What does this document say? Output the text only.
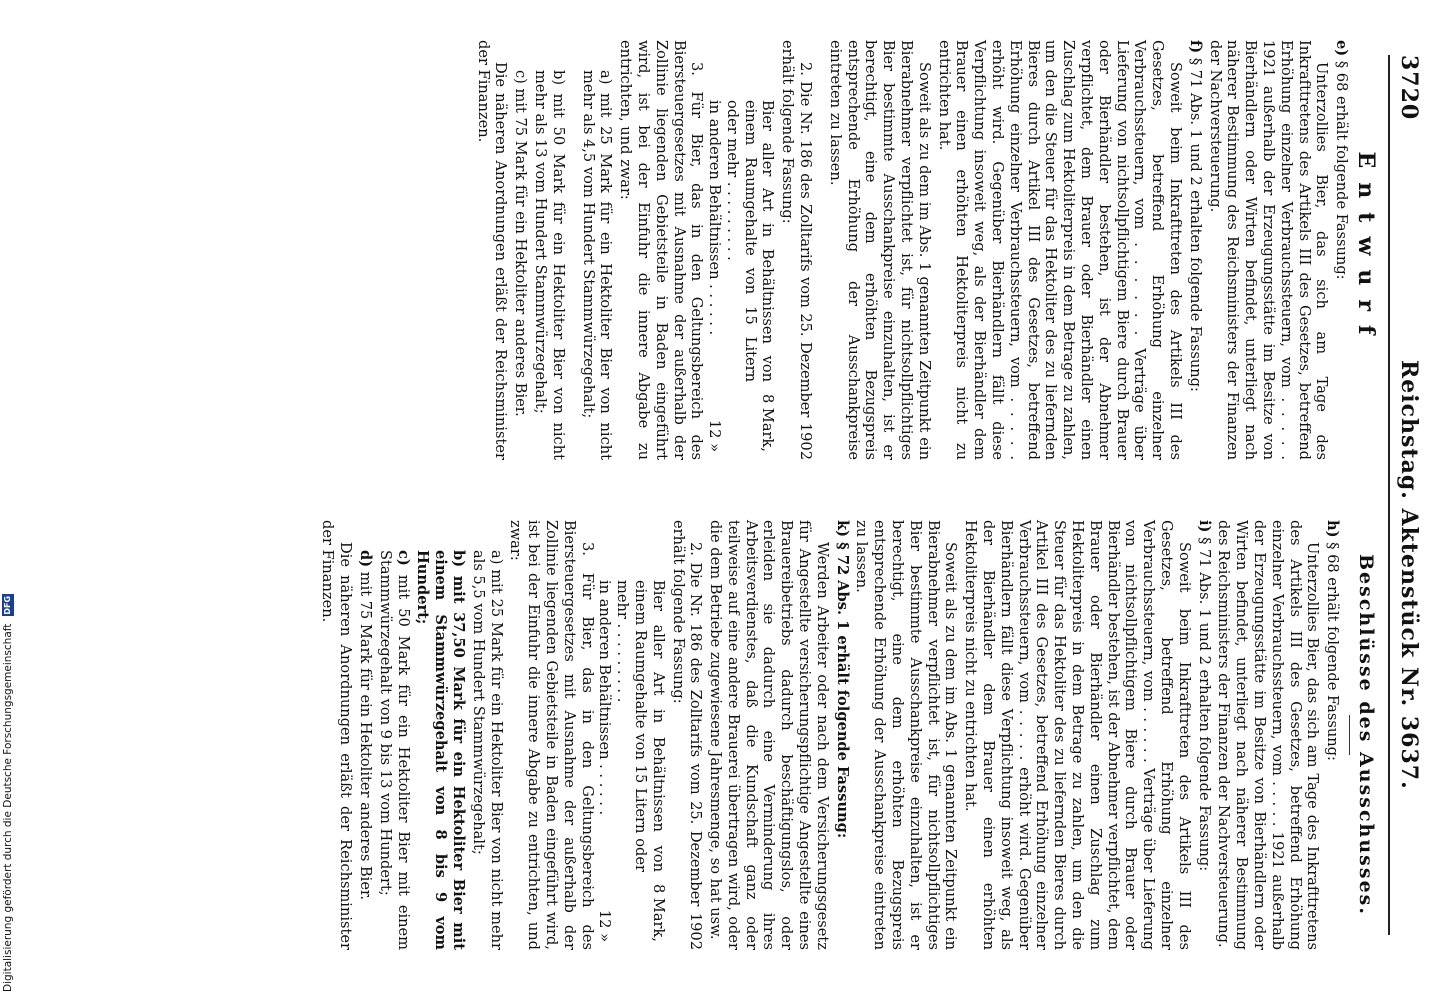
3720
Reichstag. Aktenstück Nr. 3637.
Entwurf

e) § 68 erhält folgende Fassung:

Unterzollies Bier, das sich am Tage des Inkrafttretens des Artikels III des Gesetzes, betreffend Erhöhung einzelner Verbrauchssteuern, vom . . . . . 1921 außerhalb der Erzeugungsstätte im Besitze von Bierhändlern oder Wirten befindet, unterliegt nach näherer Bestimmung des Reichsministers der Finanzen der Nachversteuerung.

f) § 71 Abs. 1 und 2 erhalten folgende Fassung:

Soweit beim Inkrafttreten des Artikels III des Gesetzes, betreffend Erhöhung einzelner Verbrauchssteuern, vom . . . . . . Verträge über Lieferung von nichtsollpflichtigem Biere durch Brauer oder Bierhändler bestehen, ist der Abnehmer verpflichtet, dem Brauer oder Bierhändler einen Zuschlag zum Hektoliterpreis in dem Betrage zu zahlen, um den die Steuer für das Hektoliter des zu liefernden Bieres durch Artikel III des Gesetzes, betreffend Erhöhung einzelner Verbrauchssteuern, vom . . . . . erhöht wird. Gegenüber Bierhändlern fällt diese Verpflichtung insoweit weg, als der Bierhändler dem Brauer einen erhöhten Hektoliterpreis nicht zu entrichten hat.

Soweit als zu dem im Abs. 1 genannten Zeitpunkt ein Bierabnehmer verpflichtet ist, für nichtsollpflichtiges Bier bestimmte Ausschankpreise einzuhalten, ist er berechtigt, eine dem erhöhten Bezugspreis entsprechende Erhöhung der Ausschankpreise eintreten zu lassen.

2. Die Nr. 186 des Zolltarifs vom 25. Dezember 1902 erhält folgende Fassung:

Bier aller Art in Behältnissen von einem Raumgehalte von 15 Litern oder mehr . . . . . . . . .
8 Mark,
in anderen Behältnissen . . . . . .
12 »

3. Für Bier, das in den Geltungsbereich des Biersteuergesetzes mit Ausnahme der außerhalb der Zollinie liegenden Gebietsteile in Baden eingeführt wird, ist bei der Einfuhr die innere Abgabe zu entrichten, und zwar:

a) mit 25 Mark für ein Hektoliter Bier von nicht mehr als 4,5 vom Hundert Stammwürzegehalt;

b) mit 50 Mark für ein Hektoliter Bier von nicht mehr als 13 vom Hundert Stammwürzegehalt;

c) mit 75 Mark für ein Hektoliter anderes Bier.

Die näheren Anordnungen erläßt der Reichsminister der Finanzen.

Beschlüsse des Ausschusses.

h) § 68 erhält folgende Fassung:

Unterzollies Bier, das sich am Tage des Inkrafttretens des Artikels III des Gesetzes, betreffend Erhöhung einzelner Verbrauchssteuern, vom . . . . . 1921 außerhalb der Erzeugungsstätte im Besitze von Bierhändlern oder Wirten befindet, unterliegt nach näherer Bestimmung des Reichsministers der Finanzen der Nachversteuerung.

i) § 71 Abs. 1 und 2 erhalten folgende Fassung:

Soweit beim Inkrafttreten des Artikels III des Gesetzes, betreffend Erhöhung einzelner Verbrauchssteuern, vom . . . . . . Verträge über Lieferung von nichtsollpflichtigem Biere durch Brauer oder Bierhändler bestehen, ist der Abnehmer verpflichtet, dem Brauer oder Bierhändler einen Zuschlag zum Hektoliterpreis in dem Betrage zu zahlen, um den die Steuer für das Hektoliter des zu liefernden Bieres durch Artikel III des Gesetzes, betreffend Erhöhung einzelner Verbrauchssteuern, vom . . . . . erhöht wird. Gegenüber Bierhändlern fällt diese Verpflichtung insoweit weg, als der Bierhändler dem Brauer einen erhöhten Hektoliterpreis nicht zu entrichten hat.

Soweit als zu dem im Abs. 1 genannten Zeitpunkt ein Bierabnehmer verpflichtet ist, für nichtsollpflichtiges Bier bestimmte Ausschankpreise einzuhalten, ist er berechtigt, eine dem erhöhten Bezugspreis entsprechende Erhöhung der Ausschankpreise eintreten zu lassen.

k) § 72 Abs. 1 erhält folgende Fassung:

Werden Arbeiter oder nach dem Versicherungsgesetz für Angestellte versicherungspflichtige Angestellte eines Brauereibetriebs dadurch beschäftigungslos, oder erleiden sie dadurch eine Verminderung ihres Arbeitsverdienstes, daß die Kundschaft ganz oder teilweise auf eine andere Brauerei übertragen wird, oder die dem Betriebe zugewiesene Jahresmenge, so hat usw.

2. Die Nr. 186 des Zolltarifs vom 25. Dezember 1902 erhält folgende Fassung:

Bier aller Art in Behältnissen von einem Raumgehalte von 15 Litern oder mehr . . . . . . . . .
8 Mark,
in anderen Behältnissen . . . . . .
12 »

3. Für Bier, das in den Geltungsbereich des Biersteuergesetzes mit Ausnahme der außerhalb der Zollinie liegenden Gebietsteile in Baden eingeführt wird, ist bei der Einfuhr die innere Abgabe zu entrichten, und zwar:

a) mit 25 Mark für ein Hektoliter Bier von nicht mehr als 5,5 vom Hundert Stammwürzegehalt;

b) mit 37,50 Mark für ein Hektoliter Bier mit einem Stammwürzegehalt von 8 bis 9 vom Hundert;

c) mit 50 Mark für ein Hektoliter Bier mit einem Stammwürzegehalt von 9 bis 13 vom Hundert;

d) mit 75 Mark für ein Hektoliter anderes Bier.

Die näheren Anordnungen erläßt der Reichsminister der Finanzen.

Digitalisierung gefördert durch die Deutsche Forschungsgemeinschaft DFG
